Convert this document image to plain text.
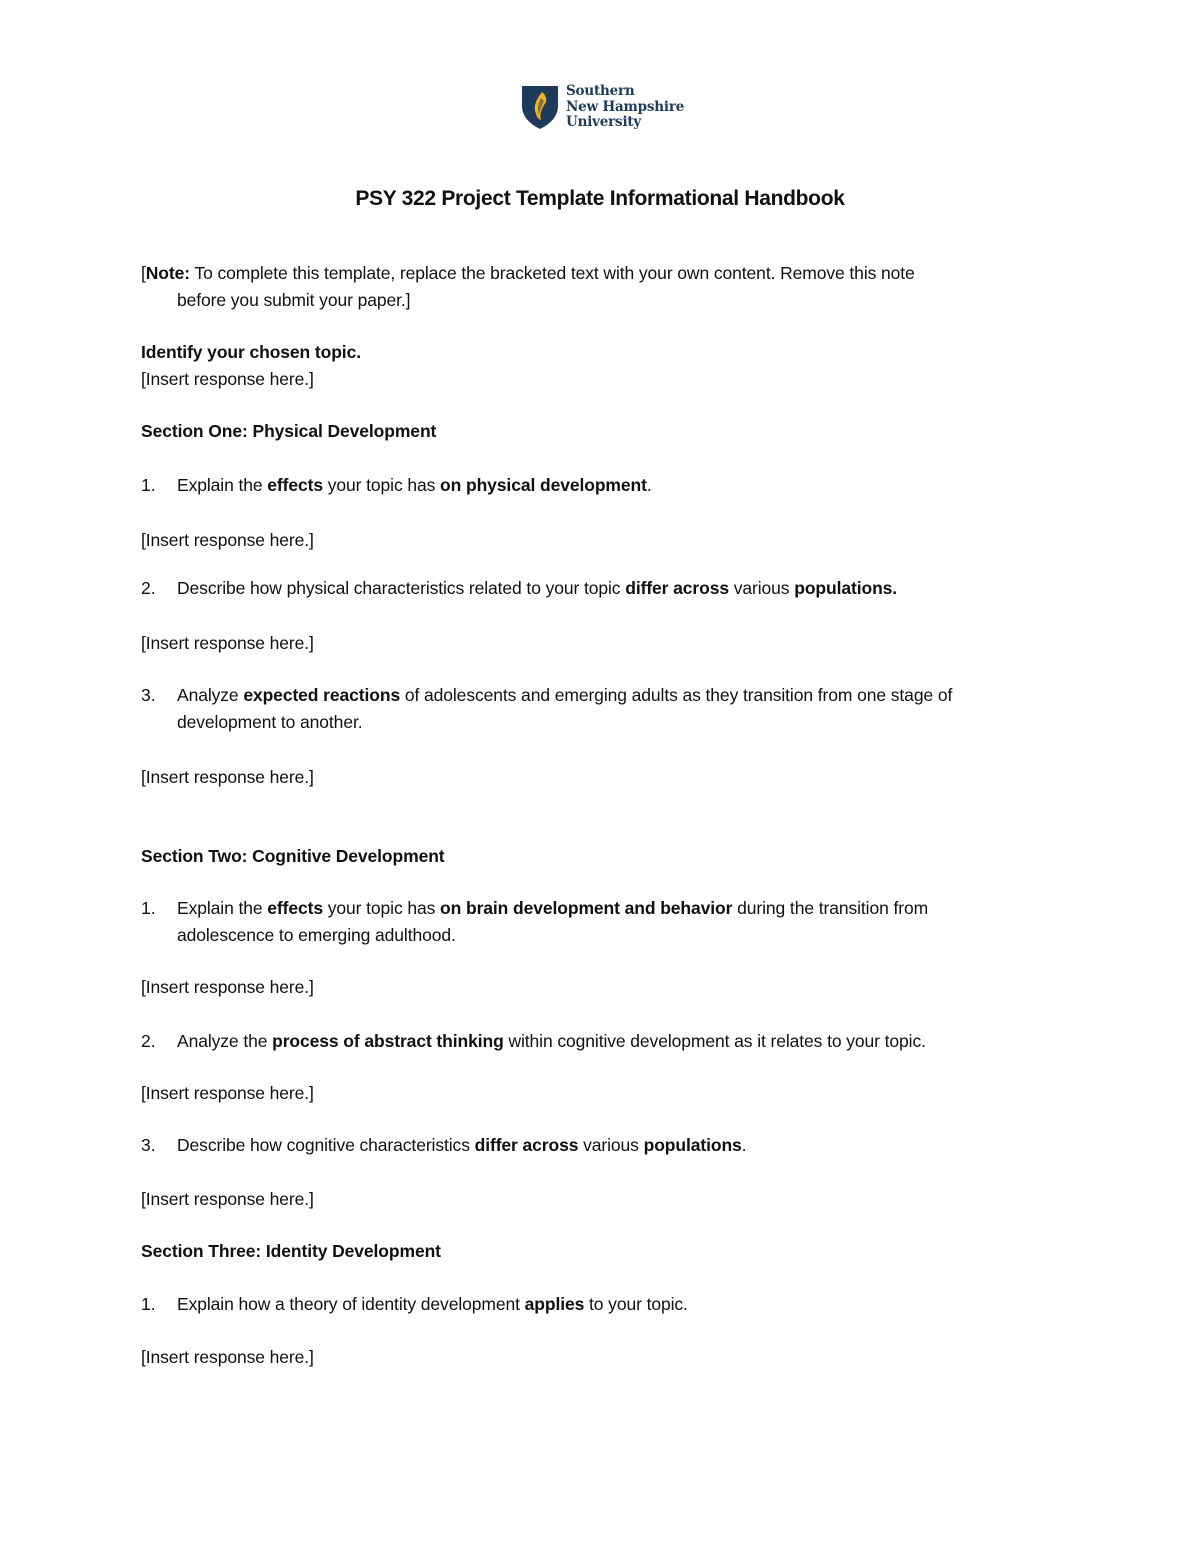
Southern
New Hampshire
University
PSY 322 Project Template Informational Handbook
[Note: To complete this template, replace the bracketed text with your own content. Remove this note
before you submit your paper.]
Identify your chosen topic.
[Insert response here.]
Section One: Physical Development
1. Explain the effects your topic has on physical development.
[Insert response here.]
2. Describe how physical characteristics related to your topic differ across various populations.
[Insert response here.]
3. Analyze expected reactions of adolescents and emerging adults as they transition from one stage of
development to another.
[Insert response here.]
Section Two: Cognitive Development
1. Explain the effects your topic has on brain development and behavior during the transition from
adolescence to emerging adulthood.
[Insert response here.]
2. Analyze the process of abstract thinking within cognitive development as it relates to your topic.
[Insert response here.]
3. Describe how cognitive characteristics differ across various populations.
[Insert response here.]
Section Three: Identity Development
1. Explain how a theory of identity development applies to your topic.
[Insert response here.]
